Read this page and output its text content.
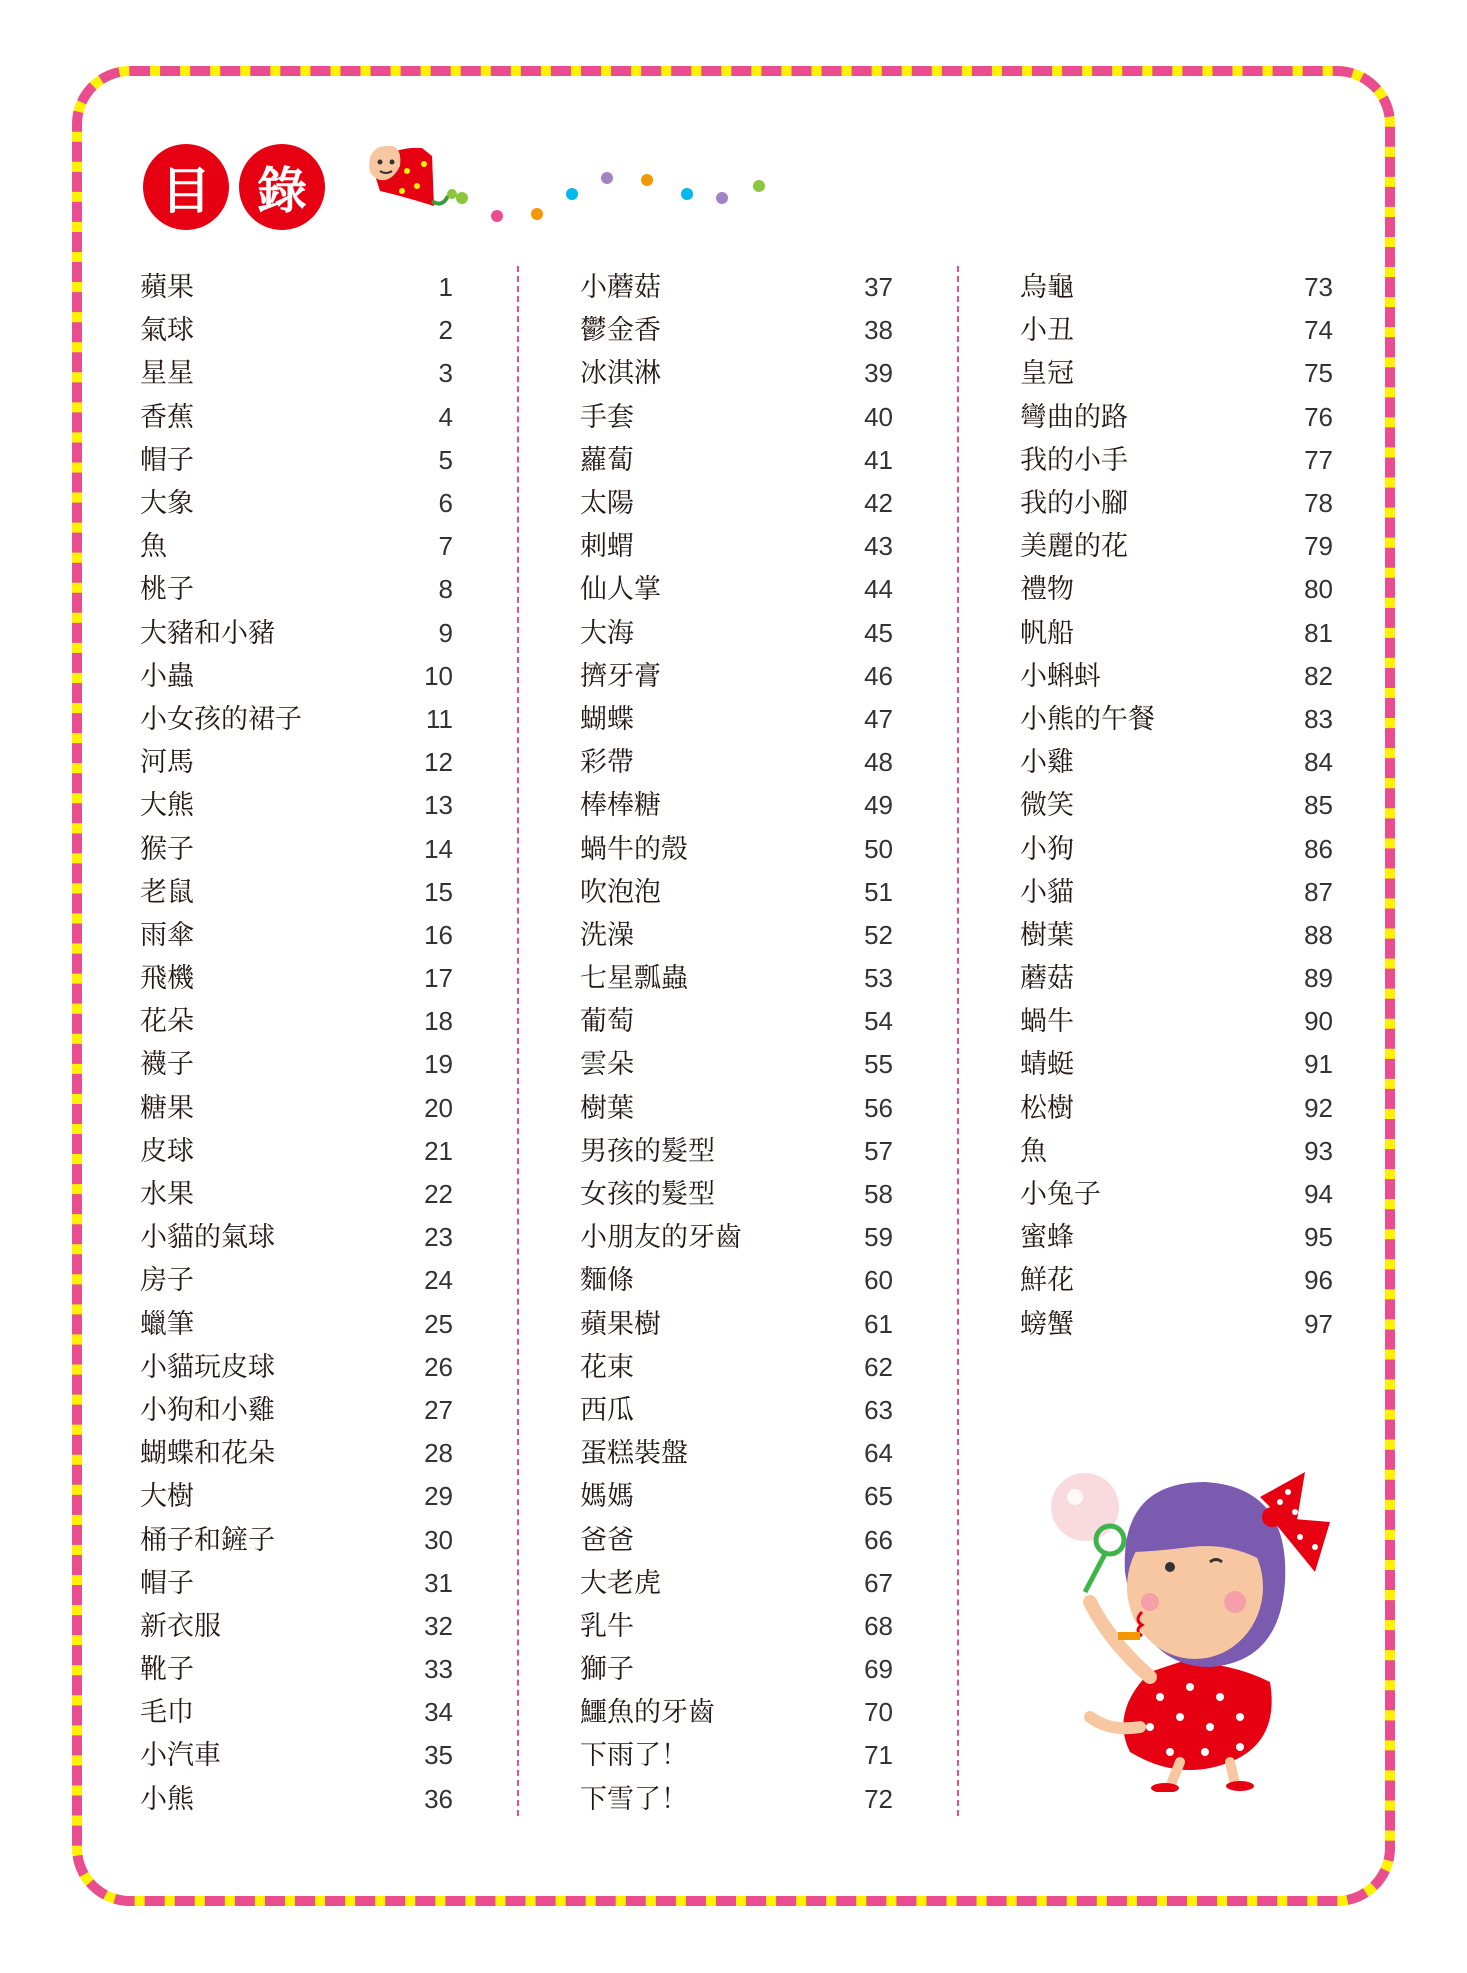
目 錄
蘋果	1
氣球	2
星星	3
香蕉	4
帽子	5
大象	6
魚	7
桃子	8
大豬和小豬	9
小蟲	10
小女孩的裙子	11
河馬	12
大熊	13
猴子	14
老鼠	15
雨傘	16
飛機	17
花朵	18
襪子	19
糖果	20
皮球	21
水果	22
小貓的氣球	23
房子	24
蠟筆	25
小貓玩皮球	26
小狗和小雞	27
蝴蝶和花朵	28
大樹	29
桶子和鏟子	30
帽子	31
新衣服	32
靴子	33
毛巾	34
小汽車	35
小熊	36
小蘑菇	37
鬱金香	38
冰淇淋	39
手套	40
蘿蔔	41
太陽	42
刺蝟	43
仙人掌	44
大海	45
擠牙膏	46
蝴蝶	47
彩帶	48
棒棒糖	49
蝸牛的殼	50
吹泡泡	51
洗澡	52
七星瓢蟲	53
葡萄	54
雲朵	55
樹葉	56
男孩的髮型	57
女孩的髮型	58
小朋友的牙齒	59
麵條	60
蘋果樹	61
花束	62
西瓜	63
蛋糕裝盤	64
媽媽	65
爸爸	66
大老虎	67
乳牛	68
獅子	69
鱷魚的牙齒	70
下雨了！	71
下雪了！	72
烏龜	73
小丑	74
皇冠	75
彎曲的路	76
我的小手	77
我的小腳	78
美麗的花	79
禮物	80
帆船	81
小蝌蚪	82
小熊的午餐	83
小雞	84
微笑	85
小狗	86
小貓	87
樹葉	88
蘑菇	89
蝸牛	90
蜻蜓	91
松樹	92
魚	93
小兔子	94
蜜蜂	95
鮮花	96
螃蟹	97
